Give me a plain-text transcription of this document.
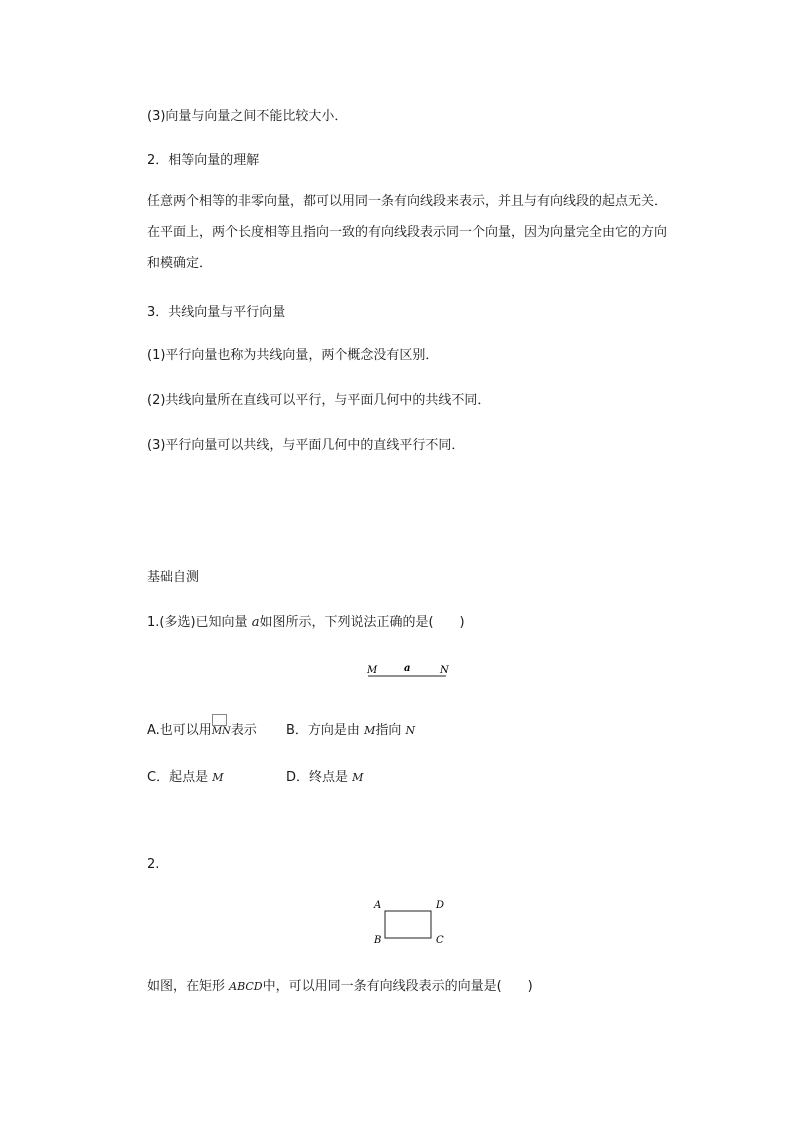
(3)向量与向量之间不能比较大小．
2．相等向量的理解
任意两个相等的非零向量，都可以用同一条有向线段来表示，并且与有向线段的起点无关．在平面上，两个长度相等且指向一致的有向线段表示同一个向量，因为向量完全由它的方向和模确定．
3．共线向量与平行向量
(1)平行向量也称为共线向量，两个概念没有区别．
(2)共线向量所在直线可以平行，与平面几何中的共线不同．
(3)平行向量可以共线，与平面几何中的直线平行不同．
基础自测
1.(多选)已知向量 a如图所示，下列说法正确的是(　　)
M	a	N
A.也可以用
MN表示 B．方向是由 M指向 N
C．起点是 M	D．终点是 M
2.
A	D
B	C
如图，在矩形 ABCD中，可以用同一条有向线段表示的向量是(　　)
